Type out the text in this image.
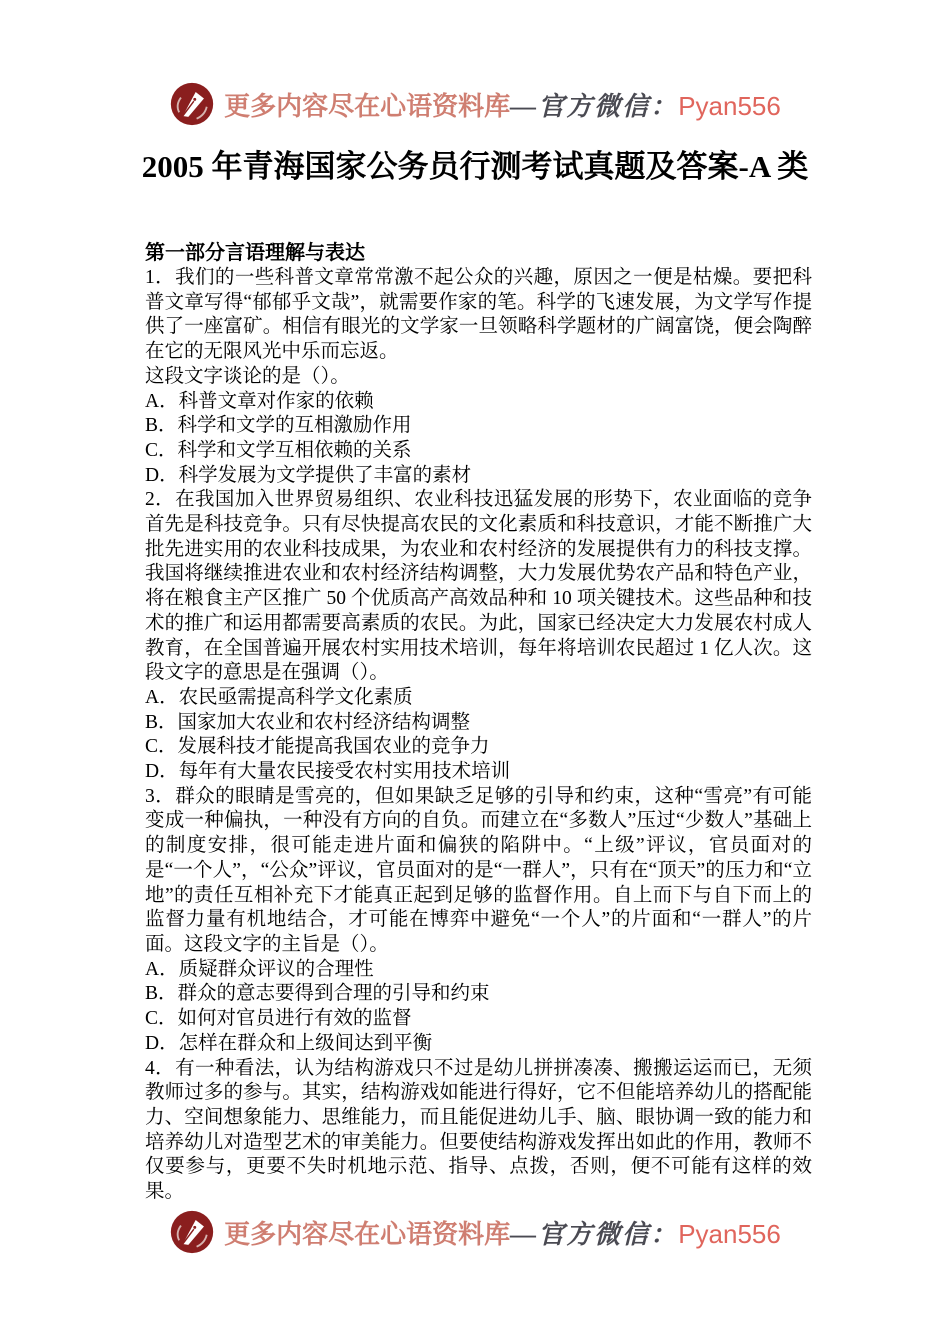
更多内容尽在心语资料库—官方微信：Pyan556
2005 年青海国家公务员行测考试真题及答案-A 类
第一部分言语理解与表达

1．我们的一些科普文章常常激不起公众的兴趣，原因之一便是枯燥。要把科普文章写得“郁郁乎文哉”，就需要作家的笔。科学的飞速发展，为文学写作提供了一座富矿。相信有眼光的文学家一旦领略科学题材的广阔富饶，便会陶醉在它的无限风光中乐而忘返。

这段文字谈论的是（）。

A．科普文章对作家的依赖

B．科学和文学的互相激励作用

C．科学和文学互相依赖的关系

D．科学发展为文学提供了丰富的素材

2．在我国加入世界贸易组织、农业科技迅猛发展的形势下，农业面临的竞争首先是科技竞争。只有尽快提高农民的文化素质和科技意识，才能不断推广大批先进实用的农业科技成果，为农业和农村经济的发展提供有力的科技支撑。我国将继续推进农业和农村经济结构调整，大力发展优势农产品和特色产业，将在粮食主产区推广 50 个优质高产高效品种和 10 项关键技术。这些品种和技术的推广和运用都需要高素质的农民。为此，国家已经决定大力发展农村成人教育，在全国普遍开展农村实用技术培训，每年将培训农民超过 1 亿人次。这段文字的意思是在强调（）。

A．农民亟需提高科学文化素质

B．国家加大农业和农村经济结构调整

C．发展科技才能提高我国农业的竞争力

D．每年有大量农民接受农村实用技术培训

3．群众的眼睛是雪亮的，但如果缺乏足够的引导和约束，这种“雪亮”有可能变成一种偏执，一种没有方向的自负。而建立在“多数人”压过“少数人”基础上的制度安排，很可能走进片面和偏狭的陷阱中。“上级”评议，官员面对的是“一个人”，“公众”评议，官员面对的是“一群人”，只有在“顶天”的压力和“立地”的责任互相补充下才能真正起到足够的监督作用。自上而下与自下而上的监督力量有机地结合，才可能在博弈中避免“一个人”的片面和“一群人”的片面。这段文字的主旨是（）。

A．质疑群众评议的合理性

B．群众的意志要得到合理的引导和约束

C．如何对官员进行有效的监督

D．怎样在群众和上级间达到平衡

4．有一种看法，认为结构游戏只不过是幼儿拼拼凑凑、搬搬运运而已，无须教师过多的参与。其实，结构游戏如能进行得好，它不但能培养幼儿的搭配能力、空间想象能力、思维能力，而且能促进幼儿手、脑、眼协调一致的能力和培养幼儿对造型艺术的审美能力。但要使结构游戏发挥出如此的作用，教师不仅要参与，更要不失时机地示范、指导、点拨，否则，便不可能有这样的效果。

更多内容尽在心语资料库—官方微信：Pyan556
